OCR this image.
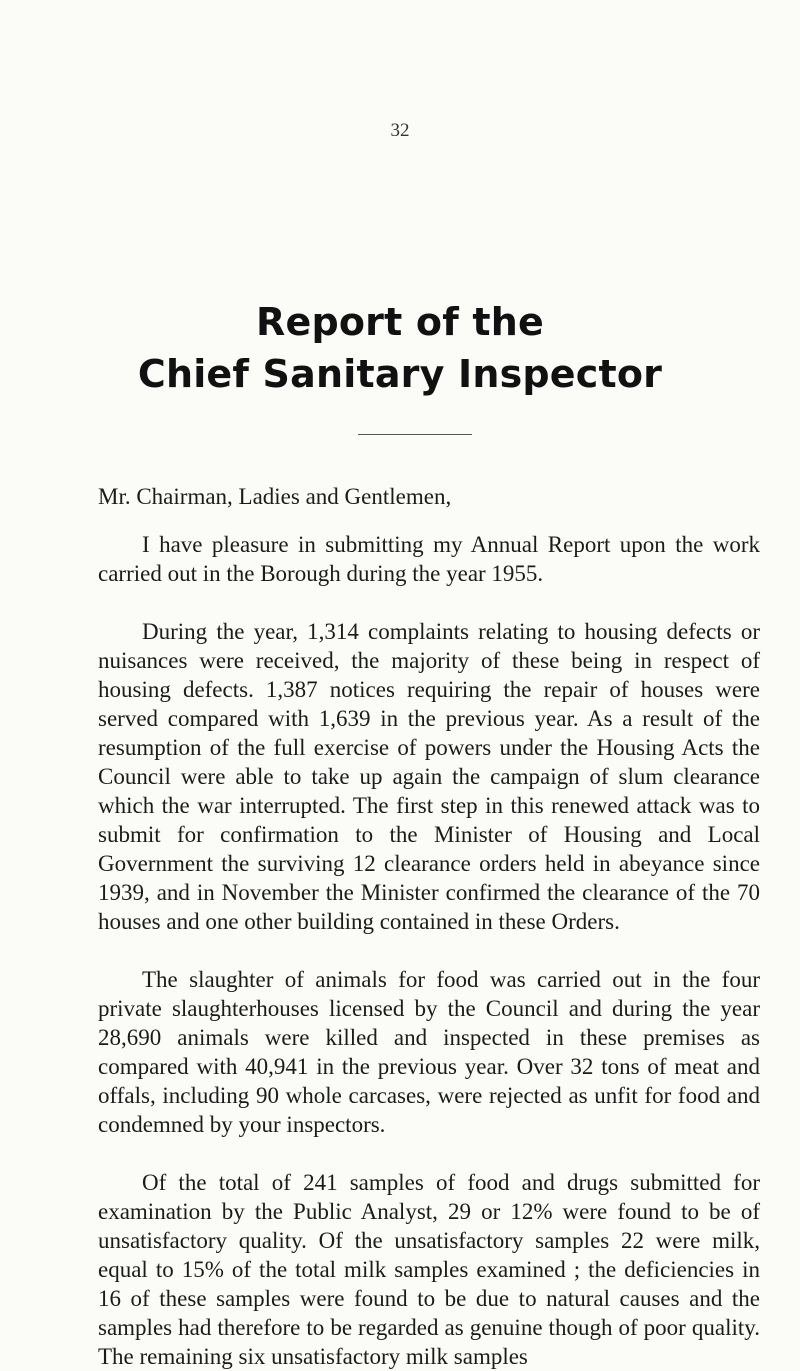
32
Report of the
Chief Sanitary Inspector

Mr. Chairman, Ladies and Gentlemen,

I have pleasure in submitting my Annual Report upon the work carried out in the Borough during the year 1955.

During the year, 1,314 complaints relating to housing defects or nuisances were received, the majority of these being in respect of housing defects. 1,387 notices requiring the repair of houses were served compared with 1,639 in the previous year. As a result of the resumption of the full exercise of powers under the Housing Acts the Council were able to take up again the campaign of slum clearance which the war interrupted. The first step in this renewed attack was to submit for confirmation to the Minister of Housing and Local Government the surviving 12 clearance orders held in abeyance since 1939, and in November the Minister confirmed the clearance of the 70 houses and one other building contained in these Orders.

The slaughter of animals for food was carried out in the four private slaughterhouses licensed by the Council and during the year 28,690 animals were killed and inspected in these premises as compared with 40,941 in the previous year. Over 32 tons of meat and offals, including 90 whole carcases, were rejected as unfit for food and condemned by your inspectors.

Of the total of 241 samples of food and drugs submitted for examination by the Public Analyst, 29 or 12% were found to be of unsatisfactory quality. Of the unsatisfactory samples 22 were milk, equal to 15% of the total milk samples examined ; the deficiencies in 16 of these samples were found to be due to natural causes and the samples had therefore to be regarded as genuine though of poor quality. The remaining six unsatisfactory milk samples
